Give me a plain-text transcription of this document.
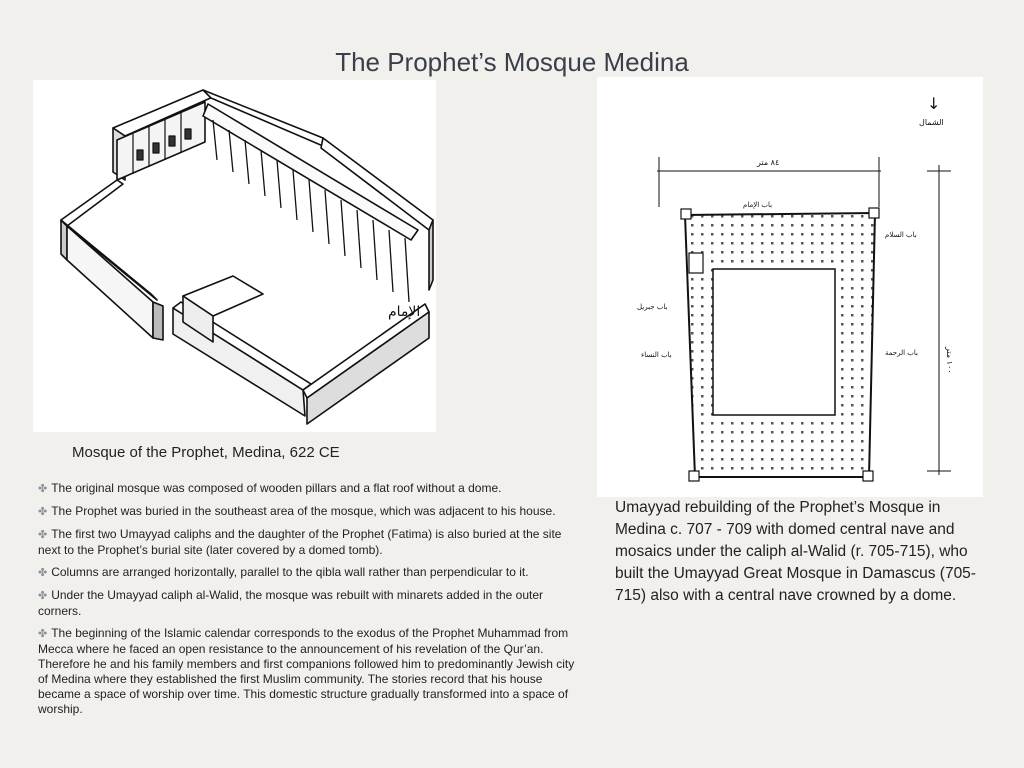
The Prophet’s Mosque Medina
الإمام
Mosque of the Prophet, Medina, 622 CE
↓
الشمال
٨٤ متر
١٠٠ متر
باب الإمام
باب السلام
باب جبريل
باب الرحمة
باب النساء
✤ The original mosque was composed of wooden pillars and a flat roof without a dome.
✤ The Prophet was buried in the southeast area of the mosque, which was adjacent to his house.
✤ The first two Umayyad caliphs and the daughter of the Prophet (Fatima) is also buried at the site next to the Prophet’s burial site (later covered by a domed tomb).
✤ Columns are arranged horizontally, parallel to the qibla wall rather than perpendicular to it.
✤ Under the Umayyad caliph al-Walid, the mosque was rebuilt with minarets added in the outer corners.
✤ The beginning of the Islamic calendar corresponds to the exodus of the Prophet Muhammad from Mecca where he faced an open resistance to the announcement of his revelation of the Qur’an. Therefore he and his family members and first companions followed him to predominantly Jewish city of Medina where they established the first Muslim community. The stories record that his house became a space of worship over time. This domestic structure gradually transformed into a space of worship.
Umayyad rebuilding of the Prophet’s Mosque in Medina c. 707 - 709 with domed central nave and mosaics under the caliph al-Walid (r. 705-715), who built the Umayyad Great Mosque in Damascus (705-715) also with a central nave crowned by a dome.
